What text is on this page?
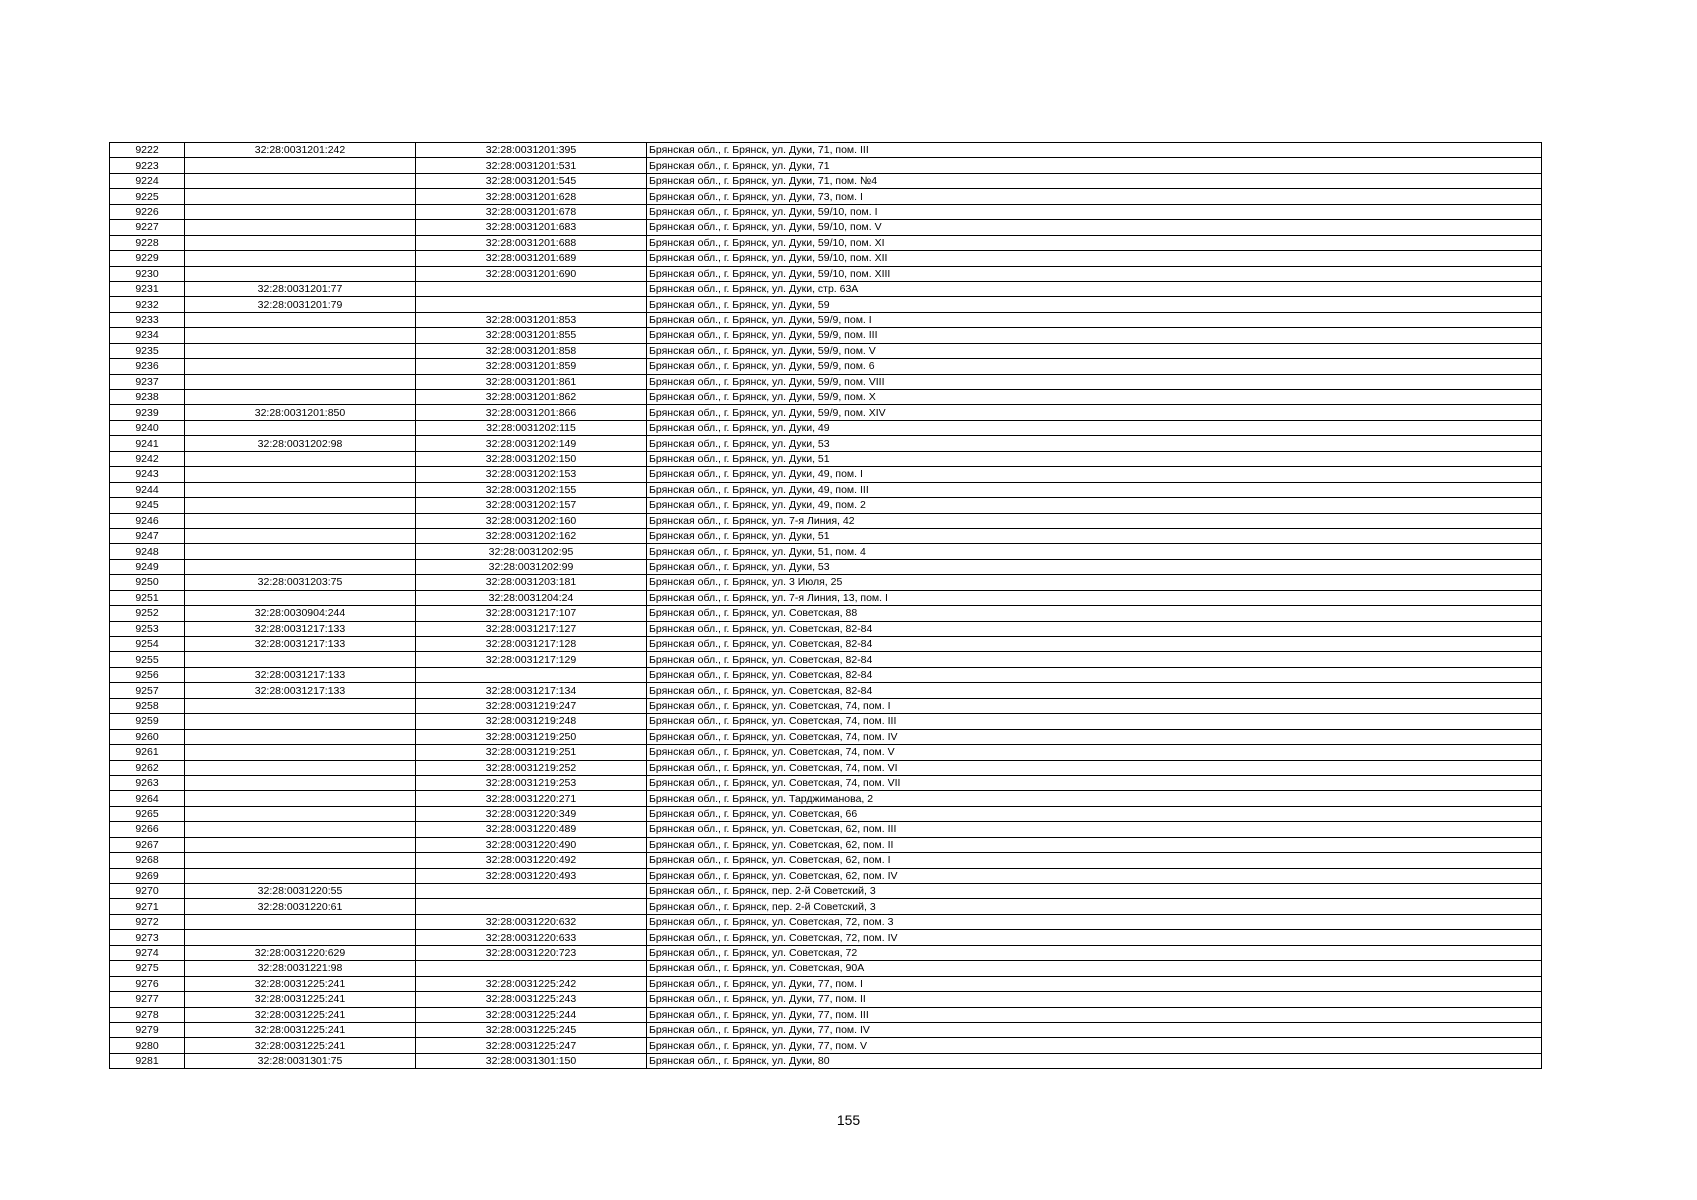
9222	32:28:0031201:242	32:28:0031201:395	Брянская обл., г. Брянск, ул. Дуки, 71, пом. III
9223		32:28:0031201:531	Брянская обл., г. Брянск, ул. Дуки, 71
9224		32:28:0031201:545	Брянская обл., г. Брянск, ул. Дуки, 71, пом. №4
9225		32:28:0031201:628	Брянская обл., г. Брянск, ул. Дуки, 73, пом. I
9226		32:28:0031201:678	Брянская обл., г. Брянск, ул. Дуки, 59/10, пом. I
9227		32:28:0031201:683	Брянская обл., г. Брянск, ул. Дуки, 59/10, пом. V
9228		32:28:0031201:688	Брянская обл., г. Брянск, ул. Дуки, 59/10, пом. XI
9229		32:28:0031201:689	Брянская обл., г. Брянск, ул. Дуки, 59/10, пом. XII
9230		32:28:0031201:690	Брянская обл., г. Брянск, ул. Дуки, 59/10, пом. XIII
9231	32:28:0031201:77		Брянская обл., г. Брянск, ул. Дуки, стр. 63А
9232	32:28:0031201:79		Брянская обл., г. Брянск, ул. Дуки, 59
9233		32:28:0031201:853	Брянская обл., г. Брянск, ул. Дуки, 59/9, пом. I
9234		32:28:0031201:855	Брянская обл., г. Брянск, ул. Дуки, 59/9, пом. III
9235		32:28:0031201:858	Брянская обл., г. Брянск, ул. Дуки, 59/9, пом. V
9236		32:28:0031201:859	Брянская обл., г. Брянск, ул. Дуки, 59/9, пом. 6
9237		32:28:0031201:861	Брянская обл., г. Брянск, ул. Дуки, 59/9, пом. VIII
9238		32:28:0031201:862	Брянская обл., г. Брянск, ул. Дуки, 59/9, пом. X
9239	32:28:0031201:850	32:28:0031201:866	Брянская обл., г. Брянск, ул. Дуки, 59/9, пом. XIV
9240		32:28:0031202:115	Брянская обл., г. Брянск, ул. Дуки, 49
9241	32:28:0031202:98	32:28:0031202:149	Брянская обл., г. Брянск, ул. Дуки, 53
9242		32:28:0031202:150	Брянская обл., г. Брянск, ул. Дуки, 51
9243		32:28:0031202:153	Брянская обл., г. Брянск, ул. Дуки, 49, пом. I
9244		32:28:0031202:155	Брянская обл., г. Брянск, ул. Дуки, 49, пом. III
9245		32:28:0031202:157	Брянская обл., г. Брянск, ул. Дуки, 49, пом. 2
9246		32:28:0031202:160	Брянская обл., г. Брянск, ул. 7-я Линия, 42
9247		32:28:0031202:162	Брянская обл., г. Брянск, ул. Дуки, 51
9248		32:28:0031202:95	Брянская обл., г. Брянск, ул. Дуки, 51, пом. 4
9249		32:28:0031202:99	Брянская обл., г. Брянск, ул. Дуки, 53
9250	32:28:0031203:75	32:28:0031203:181	Брянская обл., г. Брянск, ул. 3 Июля, 25
9251		32:28:0031204:24	Брянская обл., г. Брянск, ул. 7-я Линия, 13, пом. I
9252	32:28:0030904:244	32:28:0031217:107	Брянская обл., г. Брянск, ул. Советская, 88
9253	32:28:0031217:133	32:28:0031217:127	Брянская обл., г. Брянск, ул. Советская, 82-84
9254	32:28:0031217:133	32:28:0031217:128	Брянская обл., г. Брянск, ул. Советская, 82-84
9255		32:28:0031217:129	Брянская обл., г. Брянск, ул. Советская, 82-84
9256	32:28:0031217:133		Брянская обл., г. Брянск, ул. Советская, 82-84
9257	32:28:0031217:133	32:28:0031217:134	Брянская обл., г. Брянск, ул. Советская, 82-84
9258		32:28:0031219:247	Брянская обл., г. Брянск, ул. Советская, 74, пом. I
9259		32:28:0031219:248	Брянская обл., г. Брянск, ул. Советская, 74, пом. III
9260		32:28:0031219:250	Брянская обл., г. Брянск, ул. Советская, 74, пом. IV
9261		32:28:0031219:251	Брянская обл., г. Брянск, ул. Советская, 74, пом. V
9262		32:28:0031219:252	Брянская обл., г. Брянск, ул. Советская, 74, пом. VI
9263		32:28:0031219:253	Брянская обл., г. Брянск, ул. Советская, 74, пом. VII
9264		32:28:0031220:271	Брянская обл., г. Брянск, ул. Тарджиманова, 2
9265		32:28:0031220:349	Брянская обл., г. Брянск, ул. Советская, 66
9266		32:28:0031220:489	Брянская обл., г. Брянск, ул. Советская, 62, пом. III
9267		32:28:0031220:490	Брянская обл., г. Брянск, ул. Советская, 62, пом. II
9268		32:28:0031220:492	Брянская обл., г. Брянск, ул. Советская, 62, пом. I
9269		32:28:0031220:493	Брянская обл., г. Брянск, ул. Советская, 62, пом. IV
9270	32:28:0031220:55		Брянская обл., г. Брянск, пер. 2-й Советский, 3
9271	32:28:0031220:61		Брянская обл., г. Брянск, пер. 2-й Советский, 3
9272		32:28:0031220:632	Брянская обл., г. Брянск, ул. Советская, 72, пом. 3
9273		32:28:0031220:633	Брянская обл., г. Брянск, ул. Советская, 72, пом. IV
9274	32:28:0031220:629	32:28:0031220:723	Брянская обл., г. Брянск, ул. Советская, 72
9275	32:28:0031221:98		Брянская обл., г. Брянск, ул. Советская, 90А
9276	32:28:0031225:241	32:28:0031225:242	Брянская обл., г. Брянск, ул. Дуки, 77, пом. I
9277	32:28:0031225:241	32:28:0031225:243	Брянская обл., г. Брянск, ул. Дуки, 77, пом. II
9278	32:28:0031225:241	32:28:0031225:244	Брянская обл., г. Брянск, ул. Дуки, 77, пом. III
9279	32:28:0031225:241	32:28:0031225:245	Брянская обл., г. Брянск, ул. Дуки, 77, пом. IV
9280	32:28:0031225:241	32:28:0031225:247	Брянская обл., г. Брянск, ул. Дуки, 77, пом. V
9281	32:28:0031301:75	32:28:0031301:150	Брянская обл., г. Брянск, ул. Дуки, 80
155
